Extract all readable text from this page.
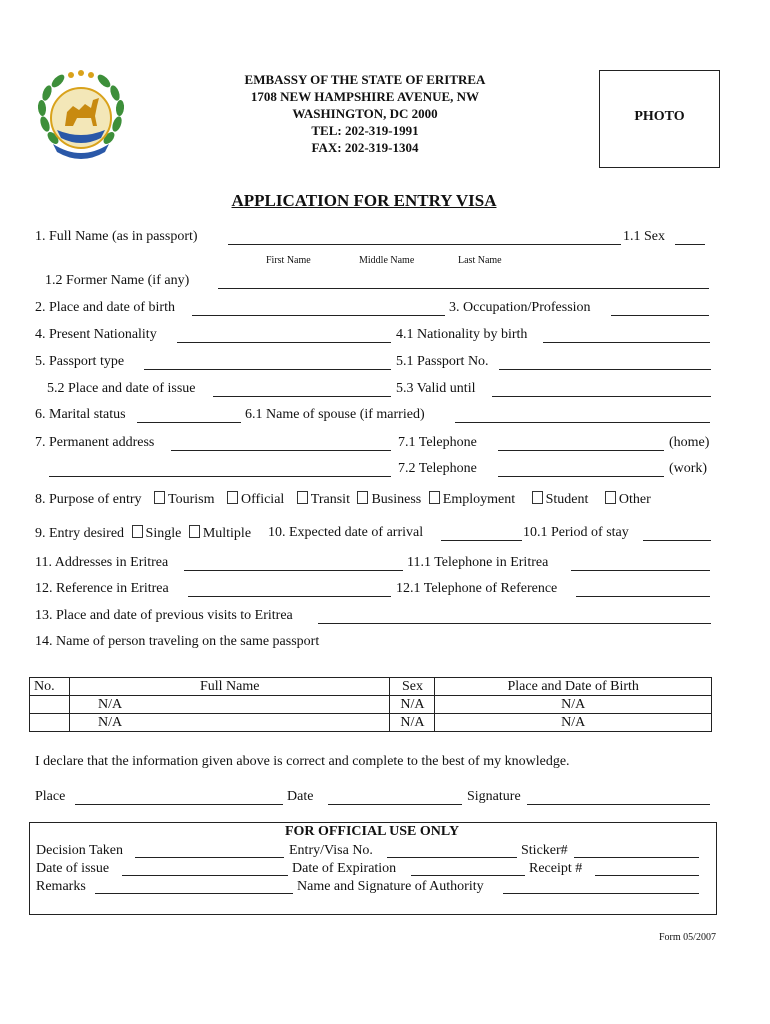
EMBASSY OF THE STATE OF ERITREA
1708 NEW HAMPSHIRE AVENUE, NW
WASHINGTON, DC 2000
TEL: 202-319-1991
FAX: 202-319-1304
PHOTO
APPLICATION FOR ENTRY VISA
1. Full Name (as in passport)	1.1 Sex
First Name	Middle Name	Last Name
1.2 Former Name (if any)
2. Place and date of birth	3. Occupation/Profession
4. Present Nationality	4.1 Nationality by birth
5. Passport type	5.1 Passport No.
5.2 Place and date of issue	5.3 Valid until
6. Marital status	6.1 Name of spouse (if married)
7. Permanent address	7.1 Telephone	(home)
7.2 Telephone	(work)
8. Purpose of entry Tourism Official Transit Business Employment Student Other
9. Entry desired Single Multiple 10. Expected date of arrival	10.1 Period of stay
11. Addresses in Eritrea	11.1 Telephone in Eritrea
12. Reference in Eritrea	12.1 Telephone of Reference
13. Place and date of previous visits to Eritrea
14. Name of person traveling on the same passport
No.	Full Name	Sex	Place and Date of Birth
	N/A	N/A	N/A
	N/A	N/A	N/A
I declare that the information given above is correct and complete to the best of my knowledge.
Place	Date	Signature
FOR OFFICIAL USE ONLY
Decision Taken	Entry/Visa No.	Sticker#
Date of issue	Date of Expiration	Receipt #
Remarks	Name and Signature of Authority
Form 05/2007
